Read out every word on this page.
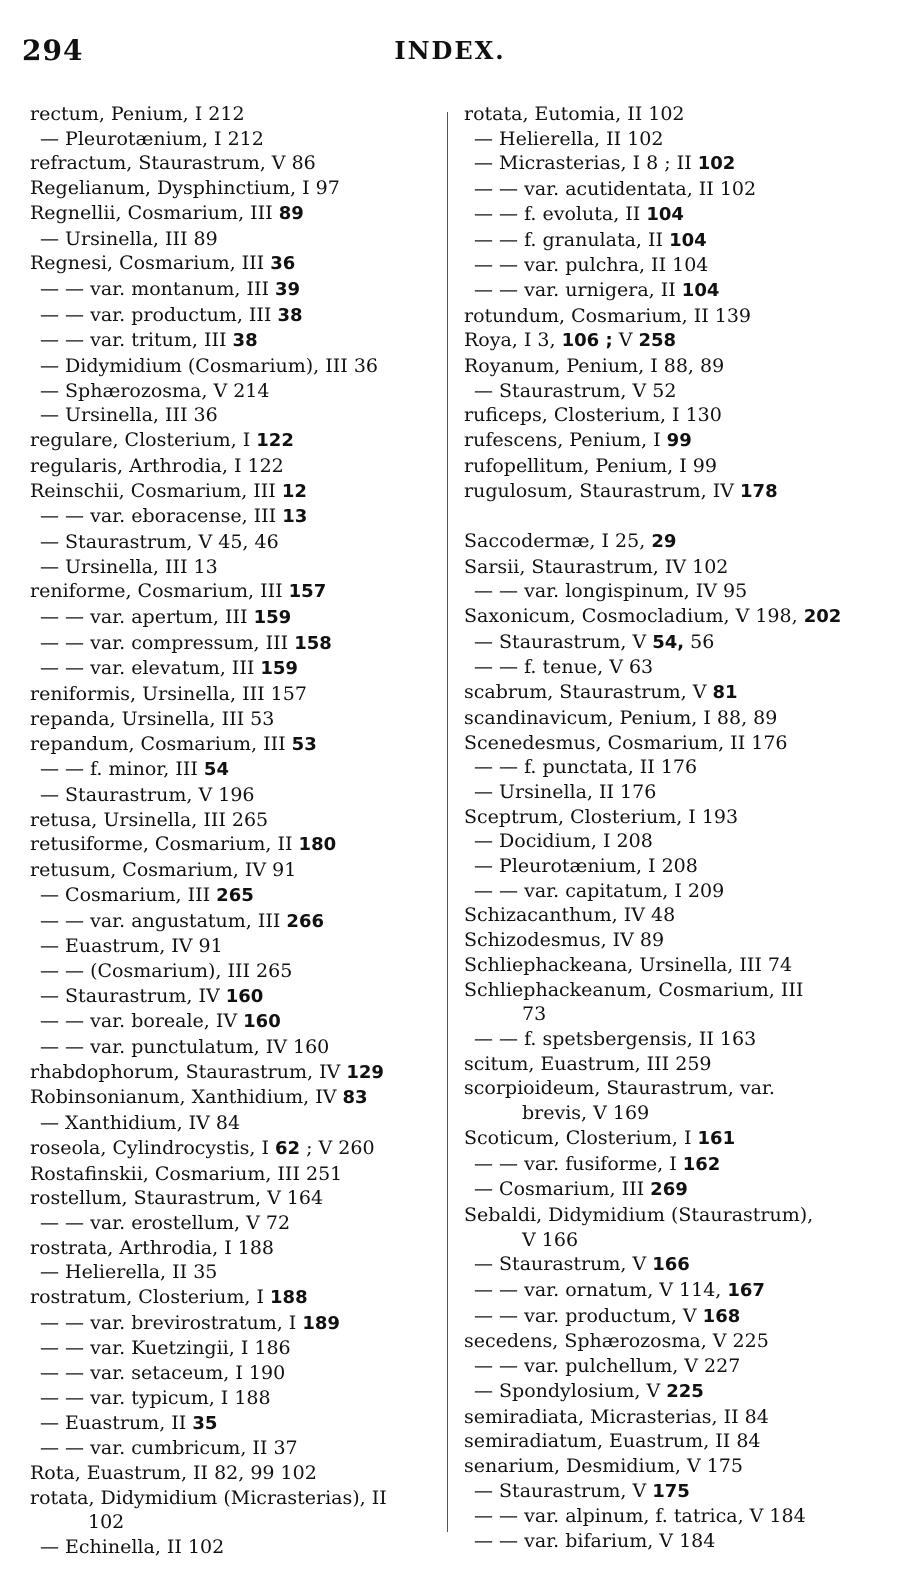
294	INDEX.
rectum, Penium, I 212
— Pleurotænium, I 212
refractum, Staurastrum, V 86
Regelianum, Dysphinctium, I 97
Regnellii, Cosmarium, III 89
— Ursinella, III 89
Regnesi, Cosmarium, III 36
— — var. montanum, III 39
— — var. productum, III 38
— — var. tritum, III 38
— Didymidium (Cosmarium), III 36
— Sphærozosma, V 214
— Ursinella, III 36
regulare, Closterium, I 122
regularis, Arthrodia, I 122
Reinschii, Cosmarium, III 12
— — var. eboracense, III 13
— Staurastrum, V 45, 46
— Ursinella, III 13
reniforme, Cosmarium, III 157
— — var. apertum, III 159
— — var. compressum, III 158
— — var. elevatum, III 159
reniformis, Ursinella, III 157
repanda, Ursinella, III 53
repandum, Cosmarium, III 53
— — f. minor, III 54
— Staurastrum, V 196
retusa, Ursinella, III 265
retusiforme, Cosmarium, II 180
retusum, Cosmarium, IV 91
— Cosmarium, III 265
— — var. angustatum, III 266
— Euastrum, IV 91
— — (Cosmarium), III 265
— Staurastrum, IV 160
— — var. boreale, IV 160
— — var. punctulatum, IV 160
rhabdophorum, Staurastrum, IV 129
Robinsonianum, Xanthidium, IV 83
— Xanthidium, IV 84
roseola, Cylindrocystis, I 62 ; V 260
Rostafinskii, Cosmarium, III 251
rostellum, Staurastrum, V 164
— — var. erostellum, V 72
rostrata, Arthrodia, I 188
— Helierella, II 35
rostratum, Closterium, I 188
— — var. brevirostratum, I 189
— — var. Kuetzingii, I 186
— — var. setaceum, I 190
— — var. typicum, I 188
— Euastrum, II 35
— — var. cumbricum, II 37
Rota, Euastrum, II 82, 99 102
rotata, Didymidium (Micrasterias), II
102
— Echinella, II 102
rotata, Eutomia, II 102
— Helierella, II 102
— Micrasterias, I 8 ; II 102
— — var. acutidentata, II 102
— — f. evoluta, II 104
— — f. granulata, II 104
— — var. pulchra, II 104
— — var. urnigera, II 104
rotundum, Cosmarium, II 139
Roya, I 3, 106 ; V 258
Royanum, Penium, I 88, 89
— Staurastrum, V 52
ruficeps, Closterium, I 130
rufescens, Penium, I 99
rufopellitum, Penium, I 99
rugulosum, Staurastrum, IV 178
Saccodermæ, I 25, 29
Sarsii, Staurastrum, IV 102
— — var. longispinum, IV 95
Saxonicum, Cosmocladium, V 198, 202
— Staurastrum, V 54, 56
— — f. tenue, V 63
scabrum, Staurastrum, V 81
scandinavicum, Penium, I 88, 89
Scenedesmus, Cosmarium, II 176
— — f. punctata, II 176
— Ursinella, II 176
Sceptrum, Closterium, I 193
— Docidium, I 208
— Pleurotænium, I 208
— — var. capitatum, I 209
Schizacanthum, IV 48
Schizodesmus, IV 89
Schliephackeana, Ursinella, III 74
Schliephackeanum, Cosmarium, III
73
— — f. spetsbergensis, II 163
scitum, Euastrum, III 259
scorpioideum, Staurastrum, var.
brevis, V 169
Scoticum, Closterium, I 161
— — var. fusiforme, I 162
— Cosmarium, III 269
Sebaldi, Didymidium (Staurastrum),
V 166
— Staurastrum, V 166
— — var. ornatum, V 114, 167
— — var. productum, V 168
secedens, Sphærozosma, V 225
— — var. pulchellum, V 227
— Spondylosium, V 225
semiradiata, Micrasterias, II 84
semiradiatum, Euastrum, II 84
senarium, Desmidium, V 175
— Staurastrum, V 175
— — var. alpinum, f. tatrica, V 184
— — var. bifarium, V 184
